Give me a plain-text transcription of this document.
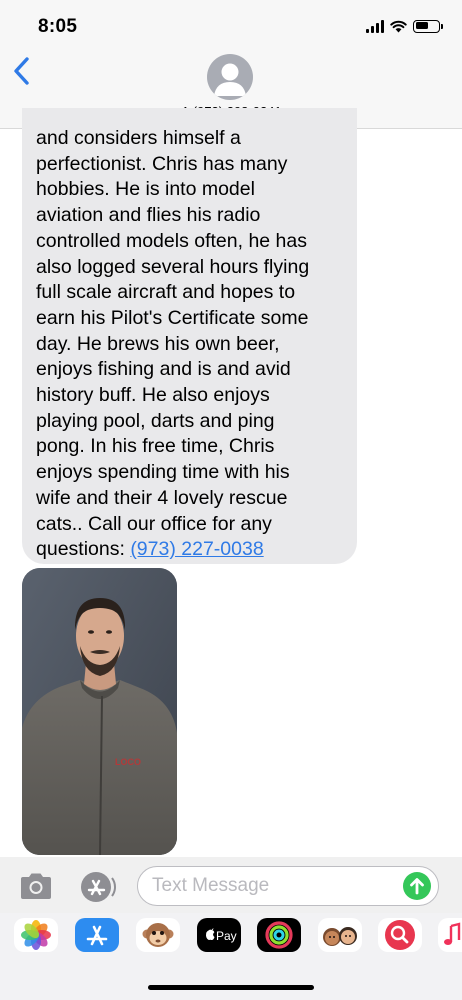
8:05
and considers himself a
perfectionist. Chris has many
hobbies. He is into model
aviation and flies his radio
controlled models often, he has
also logged several hours flying
full scale aircraft and hopes to
earn his Pilot's Certificate some
day. He brews his own beer,
enjoys fishing and is and avid
history buff. He also enjoys
playing pool, darts and ping
pong. In his free time, Chris
enjoys spending time with his
wife and their 4 lovely rescue
cats.. Call our office for any
questions: (973) 227-0038
LOCO
Text Message
Pay
